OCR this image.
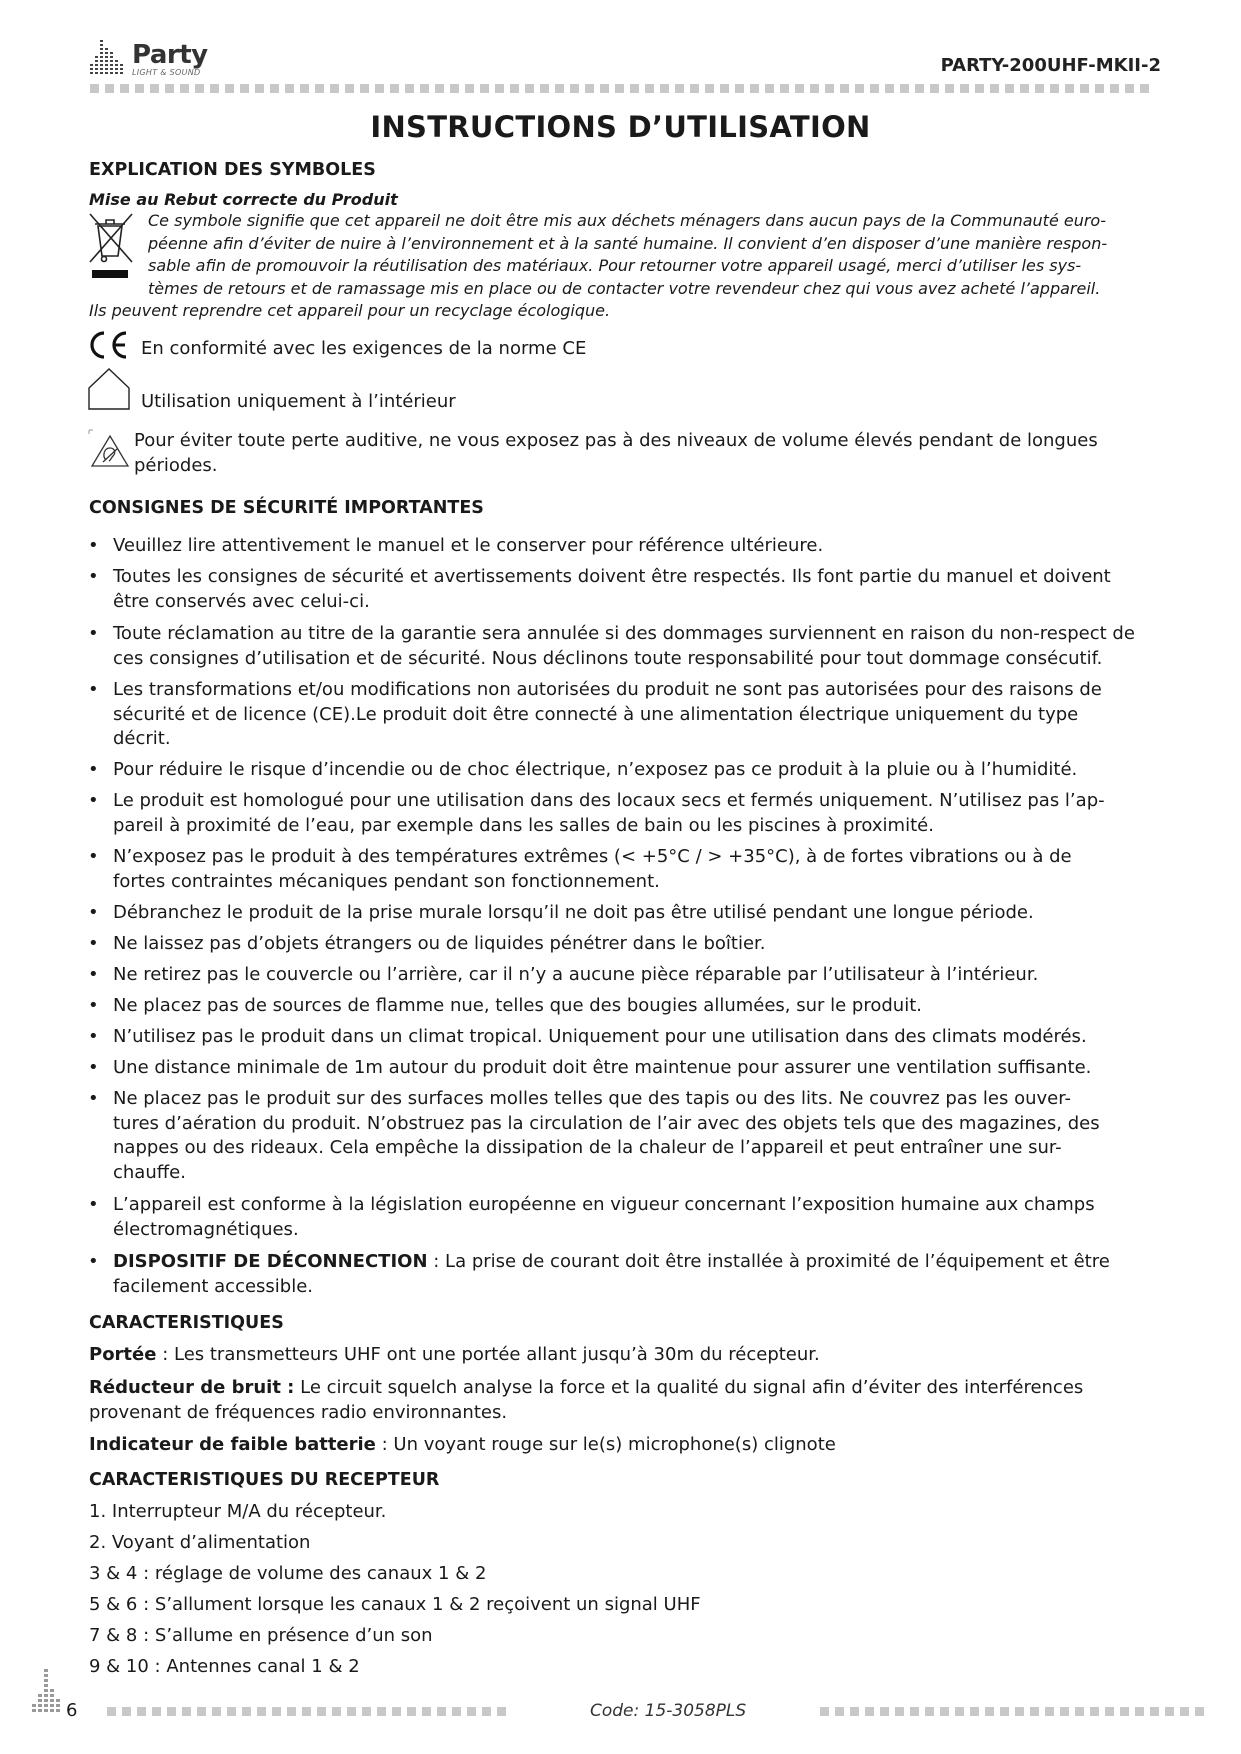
Party
LIGHT & SOUND	PARTY-200UHF-MKII-2
INSTRUCTIONS D’UTILISATION
EXPLICATION DES SYMBOLES
Mise au Rebut correcte du Produit
Ce symbole signifie que cet appareil ne doit être mis aux déchets ménagers dans aucun pays de la Communauté euro-
péenne afin d’éviter de nuire à l’environnement et à la santé humaine. Il convient d’en disposer d’une manière respon-
sable afin de promouvoir la réutilisation des matériaux. Pour retourner votre appareil usagé, merci d’utiliser les sys-
tèmes de retours et de ramassage mis en place ou de contacter votre revendeur chez qui vous avez acheté l’appareil.
Ils peuvent reprendre cet appareil pour un recyclage écologique.
En conformité avec les exigences de la norme CE
Utilisation uniquement à l’intérieur
Pour éviter toute perte auditive, ne vous exposez pas à des niveaux de volume élevés pendant de longues
périodes.
CONSIGNES DE SÉCURITÉ IMPORTANTES
• Veuillez lire attentivement le manuel et le conserver pour référence ultérieure.
• Toutes les consignes de sécurité et avertissements doivent être respectés. Ils font partie du manuel et doivent
être conservés avec celui-ci.
• Toute réclamation au titre de la garantie sera annulée si des dommages surviennent en raison du non-respect de
ces consignes d’utilisation et de sécurité. Nous déclinons toute responsabilité pour tout dommage consécutif.
• Les transformations et/ou modifications non autorisées du produit ne sont pas autorisées pour des raisons de
sécurité et de licence (CE).Le produit doit être connecté à une alimentation électrique uniquement du type
décrit.
• Pour réduire le risque d’incendie ou de choc électrique, n’exposez pas ce produit à la pluie ou à l’humidité.
• Le produit est homologué pour une utilisation dans des locaux secs et fermés uniquement. N’utilisez pas l’ap-
pareil à proximité de l’eau, par exemple dans les salles de bain ou les piscines à proximité.
• N’exposez pas le produit à des températures extrêmes (< +5°C / > +35°C), à de fortes vibrations ou à de
fortes contraintes mécaniques pendant son fonctionnement.
• Débranchez le produit de la prise murale lorsqu’il ne doit pas être utilisé pendant une longue période.
• Ne laissez pas d’objets étrangers ou de liquides pénétrer dans le boîtier.
• Ne retirez pas le couvercle ou l’arrière, car il n’y a aucune pièce réparable par l’utilisateur à l’intérieur.
• Ne placez pas de sources de flamme nue, telles que des bougies allumées, sur le produit.
• N’utilisez pas le produit dans un climat tropical. Uniquement pour une utilisation dans des climats modérés.
• Une distance minimale de 1m autour du produit doit être maintenue pour assurer une ventilation suffisante.
• Ne placez pas le produit sur des surfaces molles telles que des tapis ou des lits. Ne couvrez pas les ouver-
tures d’aération du produit. N’obstruez pas la circulation de l’air avec des objets tels que des magazines, des
nappes ou des rideaux. Cela empêche la dissipation de la chaleur de l’appareil et peut entraîner une sur-
chauffe.
• L’appareil est conforme à la législation européenne en vigueur concernant l’exposition humaine aux champs
électromagnétiques.
• DISPOSITIF DE DÉCONNECTION : La prise de courant doit être installée à proximité de l’équipement et être
facilement accessible.
CARACTERISTIQUES
Portée : Les transmetteurs UHF ont une portée allant jusqu’à 30m du récepteur.
Réducteur de bruit : Le circuit squelch analyse la force et la qualité du signal afin d’éviter des interférences
provenant de fréquences radio environnantes.
Indicateur de faible batterie : Un voyant rouge sur le(s) microphone(s) clignote
CARACTERISTIQUES DU RECEPTEUR
1. Interrupteur M/A du récepteur.
2. Voyant d’alimentation
3 & 4 : réglage de volume des canaux 1 & 2
5 & 6 : S’allument lorsque les canaux 1 & 2 reçoivent un signal UHF
7 & 8 : S’allume en présence d’un son
9 & 10 : Antennes canal 1 & 2
6	Code: 15-3058PLS
